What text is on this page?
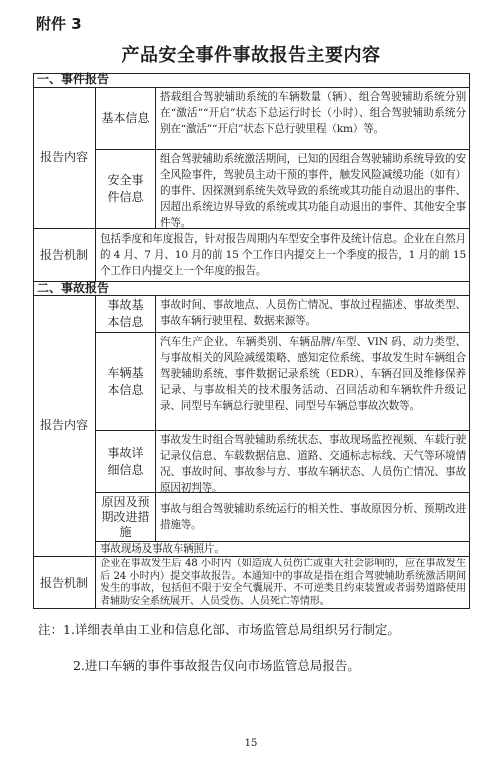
附件 3
产品安全事件事故报告主要内容
一、事件报告
报告内容
基本信息
搭载组合驾驶辅助系统的车辆数量（辆）、组合驾驶辅助系统分别在“激活”“开启”状态下总运行时长（小时）、组合驾驶辅助系统分别在“激活”“开启”状态下总行驶里程（km）等。
安全事件信息
组合驾驶辅助系统激活期间，已知的因组合驾驶辅助系统导致的安全风险事件，驾驶员主动干预的事件，触发风险减缓功能（如有）的事件、因探测到系统失效导致的系统或其功能自动退出的事件、因超出系统边界导致的系统或其功能自动退出的事件、其他安全事件等。
报告机制
包括季度和年度报告，针对报告周期内车型安全事件及统计信息。企业在自然月的 4 月、7 月、10 月的前 15 个工作日内提交上一个季度的报告，1 月的前 15 个工作日内提交上一个年度的报告。
二、事故报告
报告内容
事故基本信息
事故时间、事故地点、人员伤亡情况、事故过程描述、事故类型、事故车辆行驶里程、数据来源等。
车辆基本信息
汽车生产企业、车辆类别、车辆品牌/车型、VIN 码、动力类型、与事故相关的风险减缓策略、感知定位系统、事故发生时车辆组合驾驶辅助系统、事件数据记录系统（EDR）、车辆召回及维修保养记录、与事故相关的技术服务活动、召回活动和车辆软件升级记录、同型号车辆总行驶里程、同型号车辆总事故次数等。
事故详细信息
事故发生时组合驾驶辅助系统状态、事故现场监控视频、车载行驶记录仪信息、车载数据信息、道路、交通标志标线、天气等环境情况、事故时间、事故参与方、事故车辆状态、人员伤亡情况、事故原因初判等。
原因及预期改进措施
事故与组合驾驶辅助系统运行的相关性、事故原因分析、预期改进措施等。
事故现场及事故车辆照片。
报告机制
企业在事故发生后 48 小时内（如造成人员伤亡或重大社会影响的，应在事故发生后 24 小时内）提交事故报告。本通知中的事故是指在组合驾驶辅助系统激活期间发生的事故，包括但不限于安全气囊展开、不可逆类且约束装置或者弱势道路使用者辅助安全系统展开、人员受伤、人员死亡等情形。
注：1.详细表单由工业和信息化部、市场监管总局组织另行制定。
2.进口车辆的事件事故报告仅向市场监管总局报告。
15
